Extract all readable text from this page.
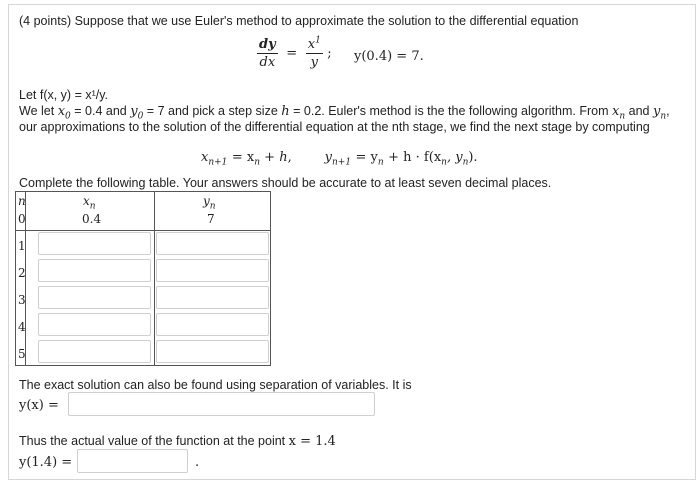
(4 points) Suppose that we use Euler's method to approximate the solution to the differential equation
$\frac{dy}{dx} = \frac{x^1}{y}$ ; y(0.4) = 7.
Let f(x, y) = x¹/y.
We let $x_0 = 0.4$ and $y_0 = 7$ and pick a step size h = 0.2. Euler's method is the the following algorithm. From $x_n$ and $y_n$,
our approximations to the solution of the differential equation at the nth stage, we find the next stage by computing
$x_{n+1} = x_n + h$,	$y_{n+1} = y_n + h \cdot f(x_n$, $y_n$).
Complete the following table. Your answers should be accurate to at least seven decimal places.
n	$x_n$	$y_n$
0	0.4	7
1
2
3
4
5
The exact solution can also be found using separation of variables. It is
y(x) =
Thus the actual value of the function at the point x = 1.4
y(1.4) =	.
